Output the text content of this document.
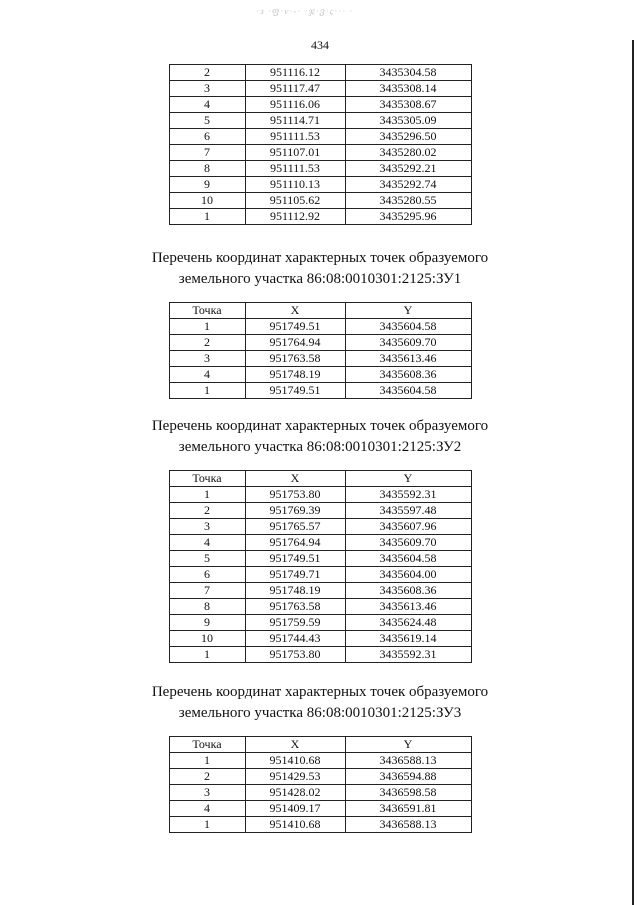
·з ·ფ·ν·-· ·ჯ·ვ·ς··· ·
434
2	951116.12	3435304.58
3	951117.47	3435308.14
4	951116.06	3435308.67
5	951114.71	3435305.09
6	951111.53	3435296.50
7	951107.01	3435280.02
8	951111.53	3435292.21
9	951110.13	3435292.74
10	951105.62	3435280.55
1	951112.92	3435295.96

Перечень координат характерных точек образуемого

земельного участка 86:08:0010301:2125:ЗУ1

Точка	X	Y
1	951749.51	3435604.58
2	951764.94	3435609.70
3	951763.58	3435613.46
4	951748.19	3435608.36
1	951749.51	3435604.58

Перечень координат характерных точек образуемого

земельного участка 86:08:0010301:2125:ЗУ2

Точка	X	Y
1	951753.80	3435592.31
2	951769.39	3435597.48
3	951765.57	3435607.96
4	951764.94	3435609.70
5	951749.51	3435604.58
6	951749.71	3435604.00
7	951748.19	3435608.36
8	951763.58	3435613.46
9	951759.59	3435624.48
10	951744.43	3435619.14
1	951753.80	3435592.31

Перечень координат характерных точек образуемого

земельного участка 86:08:0010301:2125:ЗУ3

Точка	X	Y
1	951410.68	3436588.13
2	951429.53	3436594.88
3	951428.02	3436598.58
4	951409.17	3436591.81
1	951410.68	3436588.13
